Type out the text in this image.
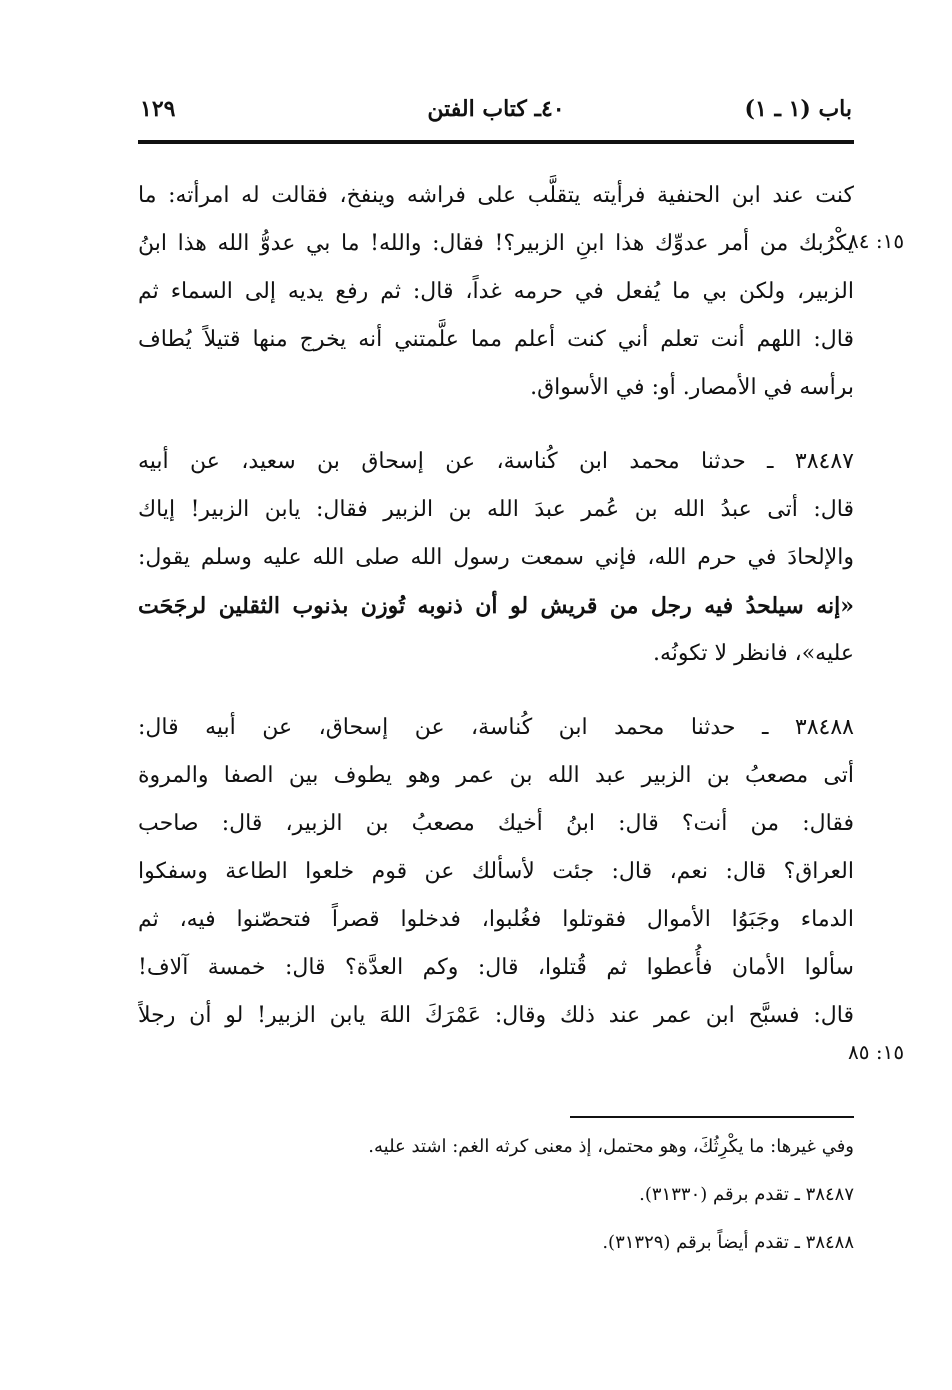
باب (١ ـ ١)
٤٠ـ كتاب الفتن
١٢٩
١٥: ٨٤
١٥: ٨٥
كنت عند ابن الحنفية فرأيته يتقلَّب على فراشه وينفخ، فقالت له امرأته: ما
يكْرُبك من أمر عدوِّك هذا ابنِ الزبير؟! فقال: والله! ما بي عدوُّ الله هذا ابنُ
الزبير، ولكن بي ما يُفعل في حرمه غداً، قال: ثم رفع يديه إلى السماء ثم
قال: اللهم أنت تعلم أني كنت أعلم مما علَّمتني أنه يخرج منها قتيلاً يُطاف
برأسه في الأمصار. أو: في الأسواق.
٣٨٤٨٧ ـ حدثنا محمد ابن كُناسة، عن إسحاق بن سعيد، عن أبيه
قال: أتى عبدُ الله بن عُمر عبدَ الله بن الزبير فقال: يابن الزبير! إياك
والإلحادَ في حرم الله، فإني سمعت رسول الله صلى الله عليه وسلم يقول:
«إنه سيلحدُ فيه رجل من قريش لو أن ذنوبه تُوزن بذنوب الثقلين لرجَحَت
عليه»، فانظر لا تكونُه.
٣٨٤٨٨ ـ حدثنا محمد ابن كُناسة، عن إسحاق، عن أبيه قال:
أتى مصعبُ بن الزبير عبد الله بن عمر وهو يطوف بين الصفا والمروة
فقال: من أنت؟ قال: ابنُ أخيك مصعبُ بن الزبير، قال: صاحب
العراق؟ قال: نعم، قال: جئت لأسألك عن قوم خلعوا الطاعة وسفكوا
الدماء وجَبَوُا الأموال فقوتلوا فغُلبوا، فدخلوا قصراً فتحصّنوا فيه، ثم
سألوا الأمان فأُعطوا ثم قُتلوا، قال: وكم العدَّة؟ قال: خمسة آلاف!
قال: فسبَّح ابن عمر عند ذلك وقال: عَمْرَكَ اللهَ يابن الزبير! لو أن رجلاً
وفي غيرها: ما يكْرِثُكَ، وهو محتمل، إذ معنى كرثه الغم: اشتد عليه.
٣٨٤٨٧ ـ تقدم برقم (٣١٣٣٠).
٣٨٤٨٨ ـ تقدم أيضاً برقم (٣١٣٢٩).
